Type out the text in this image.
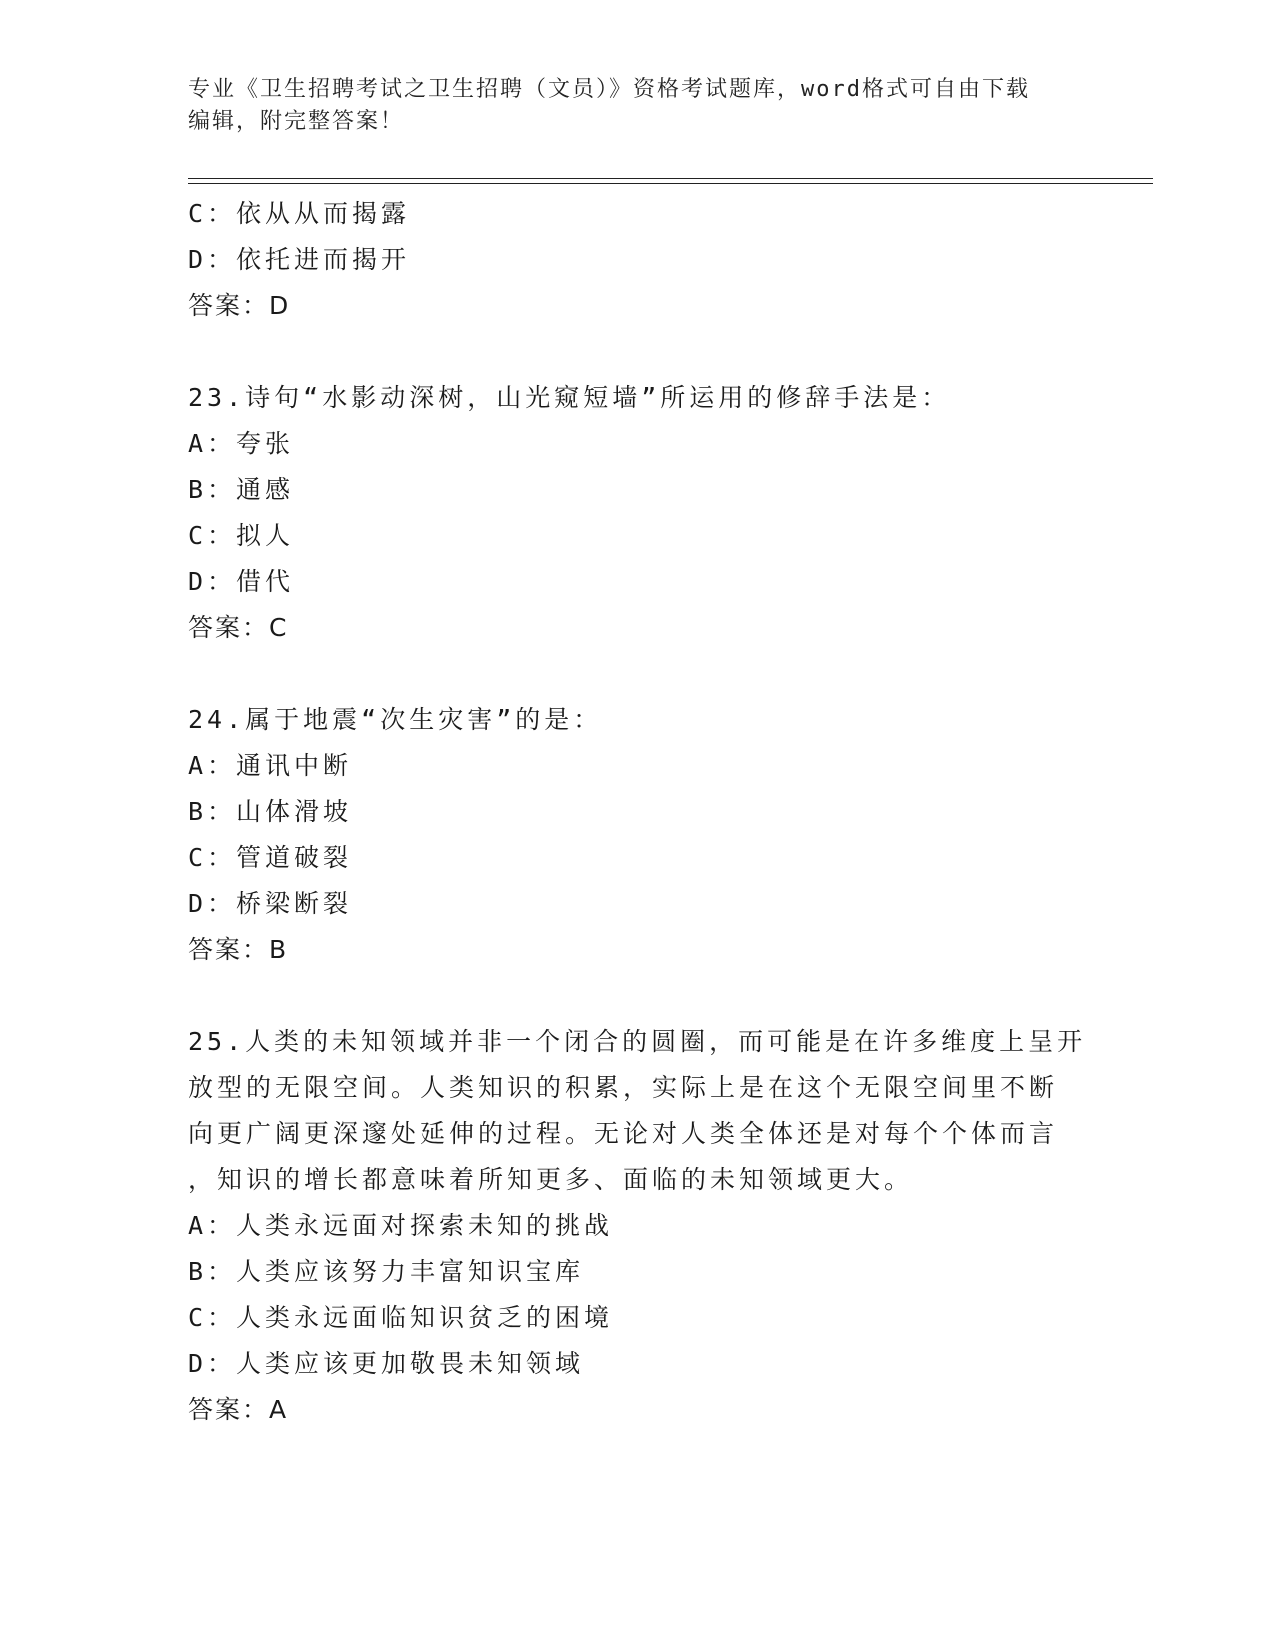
专业《卫生招聘考试之卫生招聘（文员）》资格考试题库，word格式可自由下载
编辑，附完整答案！
C：依从从而揭露
D：依托进而揭开
答案：D
23.诗句“水影动深树，山光窥短墙”所运用的修辞手法是：
A：夸张
B：通感
C：拟人
D：借代
答案：C
24.属于地震“次生灾害”的是：
A：通讯中断
B：山体滑坡
C：管道破裂
D：桥梁断裂
答案：B
25.人类的未知领域并非一个闭合的圆圈，而可能是在许多维度上呈开
放型的无限空间。人类知识的积累，实际上是在这个无限空间里不断
向更广阔更深邃处延伸的过程。无论对人类全体还是对每个个体而言
，知识的增长都意味着所知更多、面临的未知领域更大。
A：人类永远面对探索未知的挑战
B：人类应该努力丰富知识宝库
C：人类永远面临知识贫乏的困境
D：人类应该更加敬畏未知领域
答案：A
